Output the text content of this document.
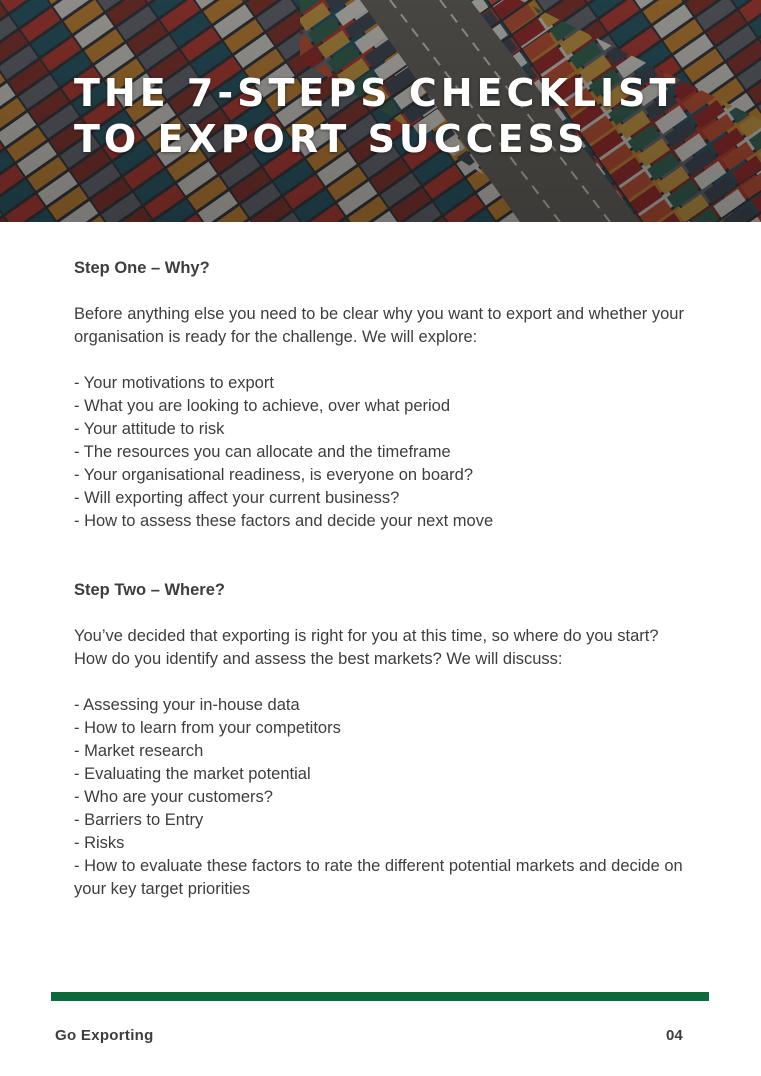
THE 7-STEPS CHECKLIST TO EXPORT SUCCESS

Step One – Why?

Before anything else you need to be clear why you want to export and whether your organisation is ready for the challenge. We will explore:

- Your motivations to export
- What you are looking to achieve, over what period
- Your attitude to risk
- The resources you can allocate and the timeframe
- Your organisational readiness, is everyone on board?
- Will exporting affect your current business?
- How to assess these factors and decide your next move

Step Two – Where?

You’ve decided that exporting is right for you at this time, so where do you start? How do you identify and assess the best markets? We will discuss:

- Assessing your in-house data
- How to learn from your competitors
- Market research
- Evaluating the market potential
- Who are your customers?
- Barriers to Entry
- Risks
- How to evaluate these factors to rate the different potential markets and decide on your key target priorities
Go Exporting	04
